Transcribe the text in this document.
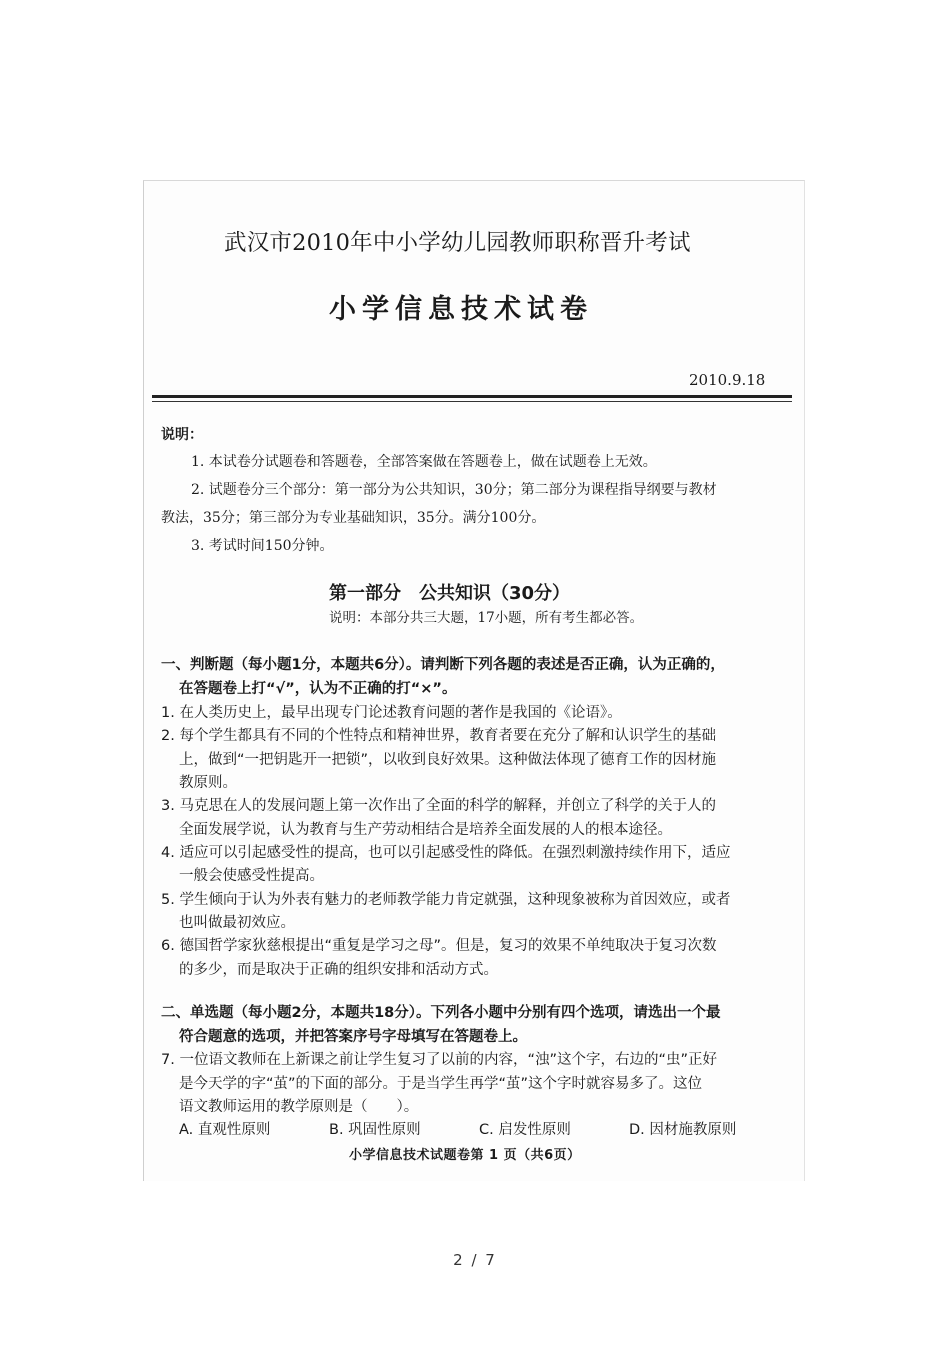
武汉市2010年中小学幼儿园教师职称晋升考试
小学信息技术试卷
2010.9.18
说明：
1. 本试卷分试题卷和答题卷，全部答案做在答题卷上，做在试题卷上无效。
2. 试题卷分三个部分：第一部分为公共知识，30分；第二部分为课程指导纲要与教材
教法，35分；第三部分为专业基础知识，35分。满分100分。
3. 考试时间150分钟。
第一部分　公共知识（30分）
说明：本部分共三大题，17小题，所有考生都必答。
一、判断题（每小题1分，本题共6分）。请判断下列各题的表述是否正确，认为正确的，
在答题卷上打“√”，认为不正确的打“×”。
1. 在人类历史上，最早出现专门论述教育问题的著作是我国的《论语》。
2. 每个学生都具有不同的个性特点和精神世界，教育者要在充分了解和认识学生的基础
上，做到“一把钥匙开一把锁”，以收到良好效果。这种做法体现了德育工作的因材施
教原则。
3. 马克思在人的发展问题上第一次作出了全面的科学的解释，并创立了科学的关于人的
全面发展学说，认为教育与生产劳动相结合是培养全面发展的人的根本途径。
4. 适应可以引起感受性的提高，也可以引起感受性的降低。在强烈刺激持续作用下，适应
一般会使感受性提高。
5. 学生倾向于认为外表有魅力的老师教学能力肯定就强，这种现象被称为首因效应，或者
也叫做最初效应。
6. 德国哲学家狄慈根提出“重复是学习之母”。但是，复习的效果不单纯取决于复习次数
的多少，而是取决于正确的组织安排和活动方式。
二、单选题（每小题2分，本题共18分）。下列各小题中分别有四个选项，请选出一个最
符合题意的选项，并把答案序号字母填写在答题卷上。
7. 一位语文教师在上新课之前让学生复习了以前的内容，“浊”这个字，右边的“虫”正好
是今天学的字“茧”的下面的部分。于是当学生再学“茧”这个字时就容易多了。这位
语文教师运用的教学原则是（　　）。
A. 直观性原则	B. 巩固性原则	C. 启发性原则	D. 因材施教原则
小学信息技术试题卷第 1 页（共6页）
2 / 7
